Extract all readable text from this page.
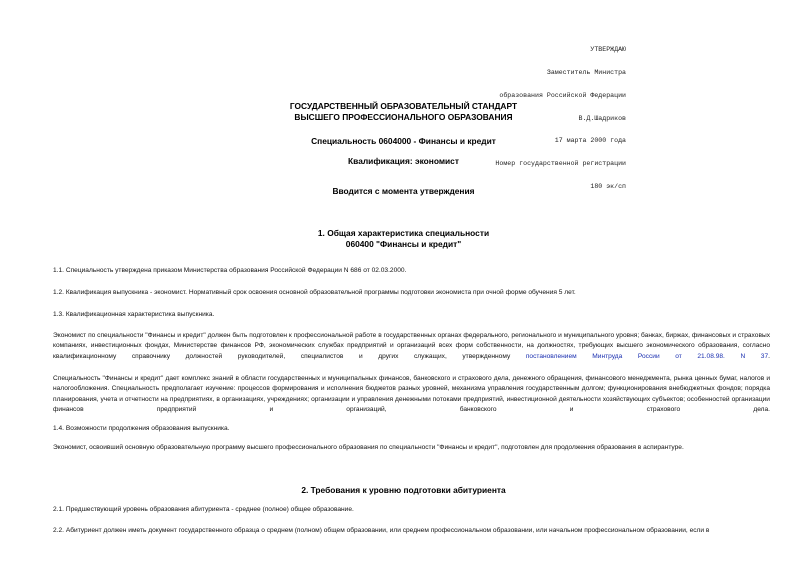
УТВЕРЖДАЮ

Заместитель Министра

образования Российской Федерации

В.Д.Шадриков

17 марта 2000 года

Номер государственной регистрации

180 эк/сп

ГОСУДАРСТВЕННЫЙ ОБРАЗОВАТЕЛЬНЫЙ СТАНДАРТ
ВЫСШЕГО ПРОФЕССИОНАЛЬНОГО ОБРАЗОВАНИЯ
Специальность 0604000 - Финансы и кредит
Квалификация: экономист
Вводится с момента утверждения
1. Общая характеристика специальности
060400 "Финансы и кредит"
1.1. Специальность утверждена приказом Министерства образования Российской Федерации N 686 от 02.03.2000.
1.2. Квалификация выпускника - экономист. Нормативный срок освоения основной образовательной программы подготовки экономиста при очной форме обучения 5 лет.
1.3. Квалификационная характеристика выпускника.
Экономист по специальности "Финансы и кредит" должен быть подготовлен к профессиональной работе в государственных органах федерального, регионального и муниципального уровня; банках, биржах, финансовых и страховых компаниях, инвестиционных фондах, Министерстве финансов РФ, экономических службах предприятий и организаций всех форм собственности, на должностях, требующих высшего экономического образования, согласно квалификационному справочнику должностей руководителей, специалистов и других служащих, утвержденному постановлением Минтруда России от 21.08.98. N 37.
Специальность "Финансы и кредит" дает комплекс знаний в области государственных и муниципальных финансов, банковского и страхового дела, денежного обращения, финансового менеджмента, рынка ценных бумаг, налогов и налогообложения. Специальность предполагает изучение: процессов формирования и исполнения бюджетов разных уровней, механизма управления государственным долгом; функционирования внебюджетных фондов; порядка планирования, учета и отчетности на предприятиях, в организациях, учреждениях; организации и управления денежными потоками предприятий, инвестиционной деятельности хозяйствующих субъектов; особенностей организации финансов предприятий и организаций, банковского и страхового дела.
1.4. Возможности продолжения образования выпускника.
Экономист, освоивший основную образовательную программу высшего профессионального образования по специальности "Финансы и кредит", подготовлен для продолжения образования в аспирантуре.
2. Требования к уровню подготовки абитуриента
2.1. Предшествующий уровень образования абитуриента - среднее (полное) общее образование.
2.2. Абитуриент должен иметь документ государственного образца о среднем (полном) общем образовании, или среднем профессиональном образовании, или начальном профессиональном образовании, если в
